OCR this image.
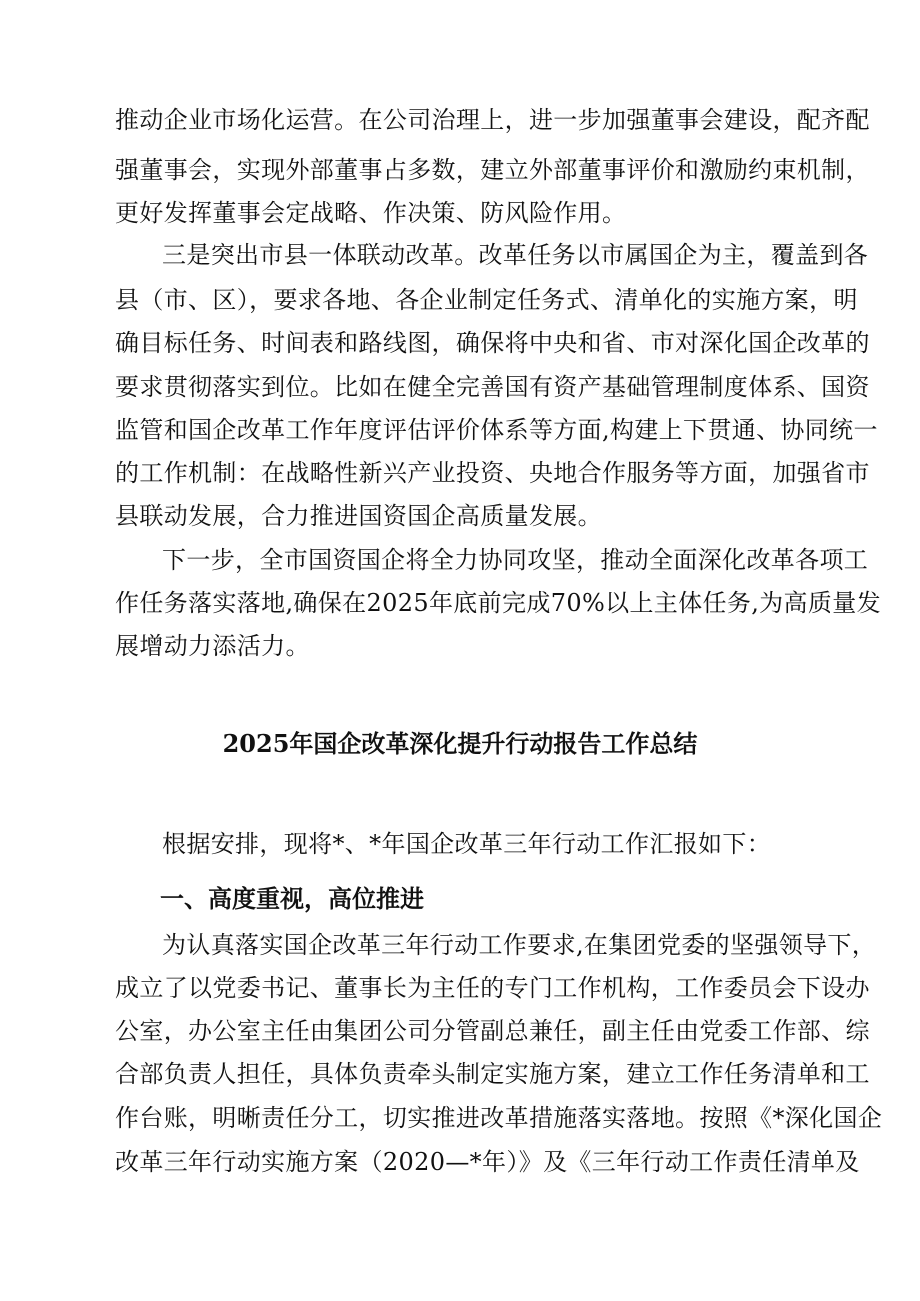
推动企业市场化运营。在公司治理上，进一步加强董事会建设，配齐配
强董事会，实现外部董事占多数，建立外部董事评价和激励约束机制，
更好发挥董事会定战略、作决策、防风险作用。
三是突出市县一体联动改革。改革任务以市属国企为主，覆盖到各
县（市、区），要求各地、各企业制定任务式、清单化的实施方案，明
确目标任务、时间表和路线图，确保将中央和省、市对深化国企改革的
要求贯彻落实到位。比如在健全完善国有资产基础管理制度体系、国资
监管和国企改革工作年度评估评价体系等方面,构建上下贯通、协同统一
的工作机制：在战略性新兴产业投资、央地合作服务等方面，加强省市
县联动发展，合力推进国资国企高质量发展。
下一步，全市国资国企将全力协同攻坚，推动全面深化改革各项工
作任务落实落地,确保在2025年底前完成70%以上主体任务,为高质量发
展增动力添活力。
2025年国企改革深化提升行动报告工作总结
根据安排，现将*、*年国企改革三年行动工作汇报如下：
一、高度重视，高位推进
为认真落实国企改革三年行动工作要求,在集团党委的坚强领导下，
成立了以党委书记、董事长为主任的专门工作机构，工作委员会下设办
公室，办公室主任由集团公司分管副总兼任，副主任由党委工作部、综
合部负责人担任，具体负责牵头制定实施方案，建立工作任务清单和工
作台账，明晰责任分工，切实推进改革措施落实落地。按照《*深化国企
改革三年行动实施方案（2020—*年）》及《三年行动工作责任清单及
